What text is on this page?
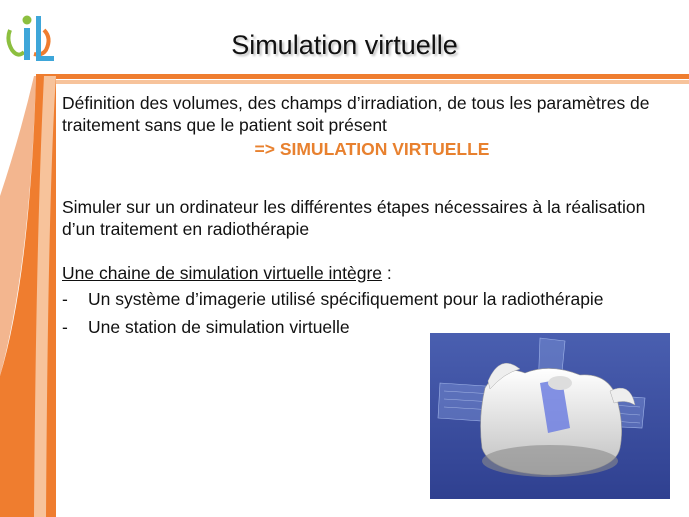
Simulation virtuelle

Définition des volumes, des champs d’irradiation, de tous les paramètres de traitement sans que le patient soit présent

=> SIMULATION VIRTUELLE

Simuler sur un ordinateur les différentes étapes nécessaires à la réalisation d’un traitement en radiothérapie

Une chaine de simulation virtuelle intègre :

- Un système d’imagerie utilisé spécifiquement pour la radiothérapie

- Une station de simulation virtuelle
